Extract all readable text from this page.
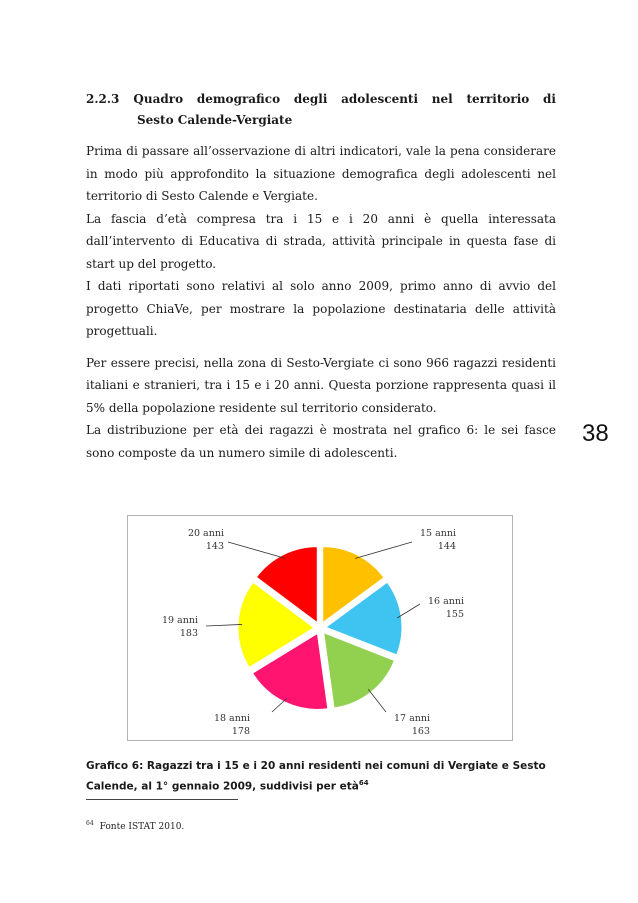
38
2.2.3 Quadro demografico degli adolescenti nel territorio di
Sesto Calende-Vergiate

Prima di passare all’osservazione di altri indicatori, vale la pena considerare in modo più approfondito la situazione demografica degli adolescenti nel territorio di Sesto Calende e Vergiate.

La fascia d’età compresa tra i 15 e i 20 anni è quella interessata dall’intervento di Educativa di strada, attività principale in questa fase di start up del progetto.

I dati riportati sono relativi al solo anno 2009, primo anno di avvio del progetto ChiaVe, per mostrare la popolazione destinataria delle attività progettuali.

Per essere precisi, nella zona di Sesto-Vergiate ci sono 966 ragazzi residenti italiani e stranieri, tra i 15 e i 20 anni. Questa porzione rappresenta quasi il 5% della popolazione residente sul territorio considerato.

La distribuzione per età dei ragazzi è mostrata nel grafico 6: le sei fasce sono composte da un numero simile di adolescenti.

15 anni
144
16 anni
155
17 anni
163
18 anni
178
19 anni
183
20 anni
143
Grafico 6: Ragazzi tra i 15 e i 20 anni residenti nei comuni di Vergiate e Sesto Calende, al 1° gennaio 2009, suddivisi per età$^{64}$
$^{64}$ Fonte ISTAT 2010.
